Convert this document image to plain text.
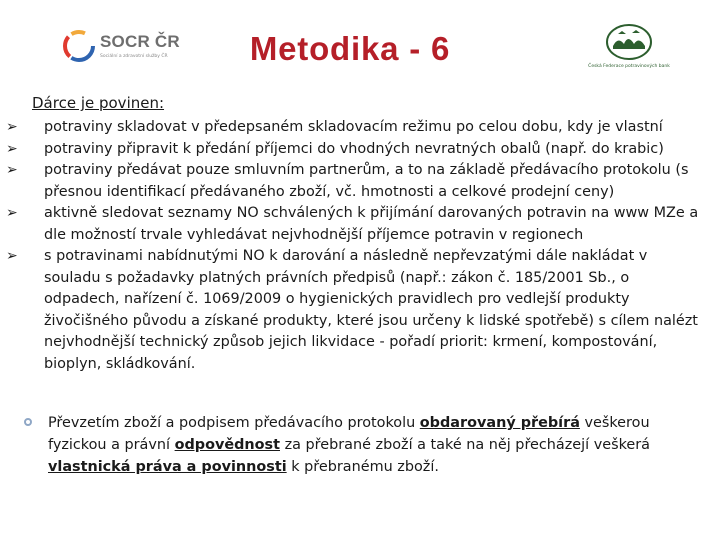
SOCR ČR
Sociální a zdravotní služby ČR	Metodika - 6	Česká Federace potravinových bank
Dárce je povinen:
➢ potraviny skladovat v předepsaném skladovacím režimu po celou dobu, kdy je vlastní
➢ potraviny připravit k předání příjemci do vhodných nevratných obalů (např. do krabic)
➢ potraviny předávat pouze smluvním partnerům, a to na základě předávacího protokolu (s přesnou identifikací předávaného zboží, vč. hmotnosti a celkové prodejní ceny)
➢ aktivně sledovat seznamy NO schválených k přijímání darovaných potravin na www MZe a dle možností trvale vyhledávat nejvhodnější příjemce potravin v regionech
➢ s potravinami nabídnutými NO k darování a následně nepřevzatými dále nakládat v souladu s požadavky platných právních předpisů (např.: zákon č. 185/2001 Sb., o odpadech, nařízení č. 1069/2009 o hygienických pravidlech pro vedlejší produkty živočišného původu a získané produkty, které jsou určeny k lidské spotřebě) s cílem nalézt nejvhodnější technický způsob jejich likvidace - pořadí priorit: krmení, kompostování, bioplyn, skládkování.
Převzetím zboží a podpisem předávacího protokolu obdarovaný přebírá veškerou fyzickou a právní odpovědnost za přebrané zboží a také na něj přecházejí veškerá vlastnická práva a povinnosti k přebranému zboží.
